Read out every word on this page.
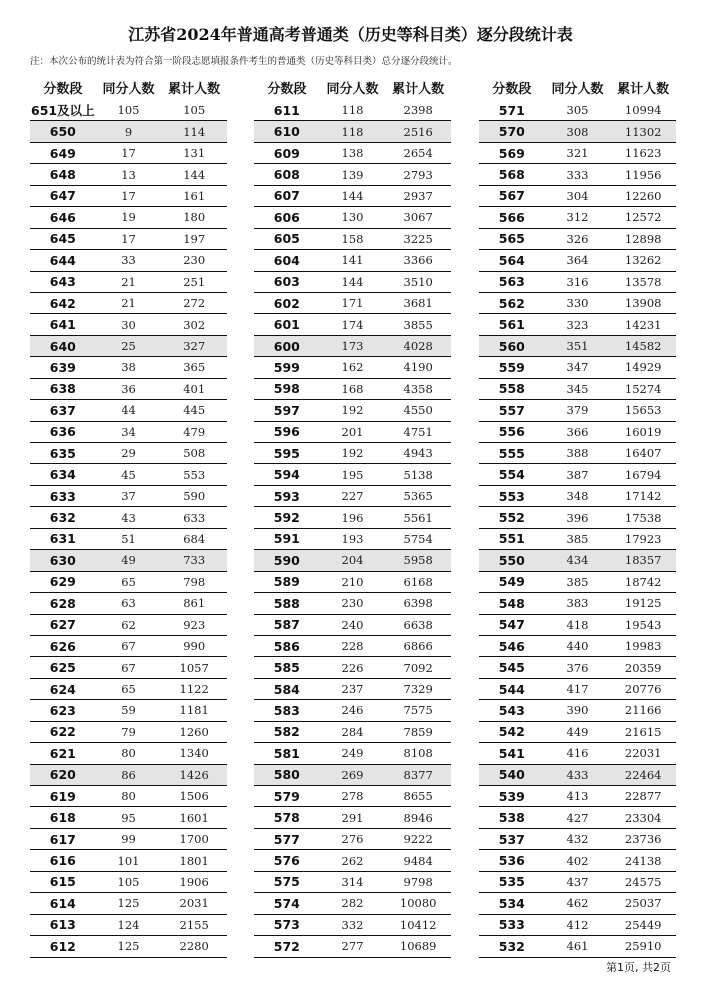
江苏省2024年普通高考普通类（历史等科目类）逐分段统计表
注：本次公布的统计表为符合第一阶段志愿填报条件考生的普通类（历史等科目类）总分逐分段统计。
分数段	同分人数	累计人数
651及以上	105	105
650	9	114
649	17	131
648	13	144
647	17	161
646	19	180
645	17	197
644	33	230
643	21	251
642	21	272
641	30	302
640	25	327
639	38	365
638	36	401
637	44	445
636	34	479
635	29	508
634	45	553
633	37	590
632	43	633
631	51	684
630	49	733
629	65	798
628	63	861
627	62	923
626	67	990
625	67	1057
624	65	1122
623	59	1181
622	79	1260
621	80	1340
620	86	1426
619	80	1506
618	95	1601
617	99	1700
616	101	1801
615	105	1906
614	125	2031
613	124	2155
612	125	2280
分数段	同分人数	累计人数
611	118	2398
610	118	2516
609	138	2654
608	139	2793
607	144	2937
606	130	3067
605	158	3225
604	141	3366
603	144	3510
602	171	3681
601	174	3855
600	173	4028
599	162	4190
598	168	4358
597	192	4550
596	201	4751
595	192	4943
594	195	5138
593	227	5365
592	196	5561
591	193	5754
590	204	5958
589	210	6168
588	230	6398
587	240	6638
586	228	6866
585	226	7092
584	237	7329
583	246	7575
582	284	7859
581	249	8108
580	269	8377
579	278	8655
578	291	8946
577	276	9222
576	262	9484
575	314	9798
574	282	10080
573	332	10412
572	277	10689
分数段	同分人数	累计人数
571	305	10994
570	308	11302
569	321	11623
568	333	11956
567	304	12260
566	312	12572
565	326	12898
564	364	13262
563	316	13578
562	330	13908
561	323	14231
560	351	14582
559	347	14929
558	345	15274
557	379	15653
556	366	16019
555	388	16407
554	387	16794
553	348	17142
552	396	17538
551	385	17923
550	434	18357
549	385	18742
548	383	19125
547	418	19543
546	440	19983
545	376	20359
544	417	20776
543	390	21166
542	449	21615
541	416	22031
540	433	22464
539	413	22877
538	427	23304
537	432	23736
536	402	24138
535	437	24575
534	462	25037
533	412	25449
532	461	25910
第1页, 共2页
